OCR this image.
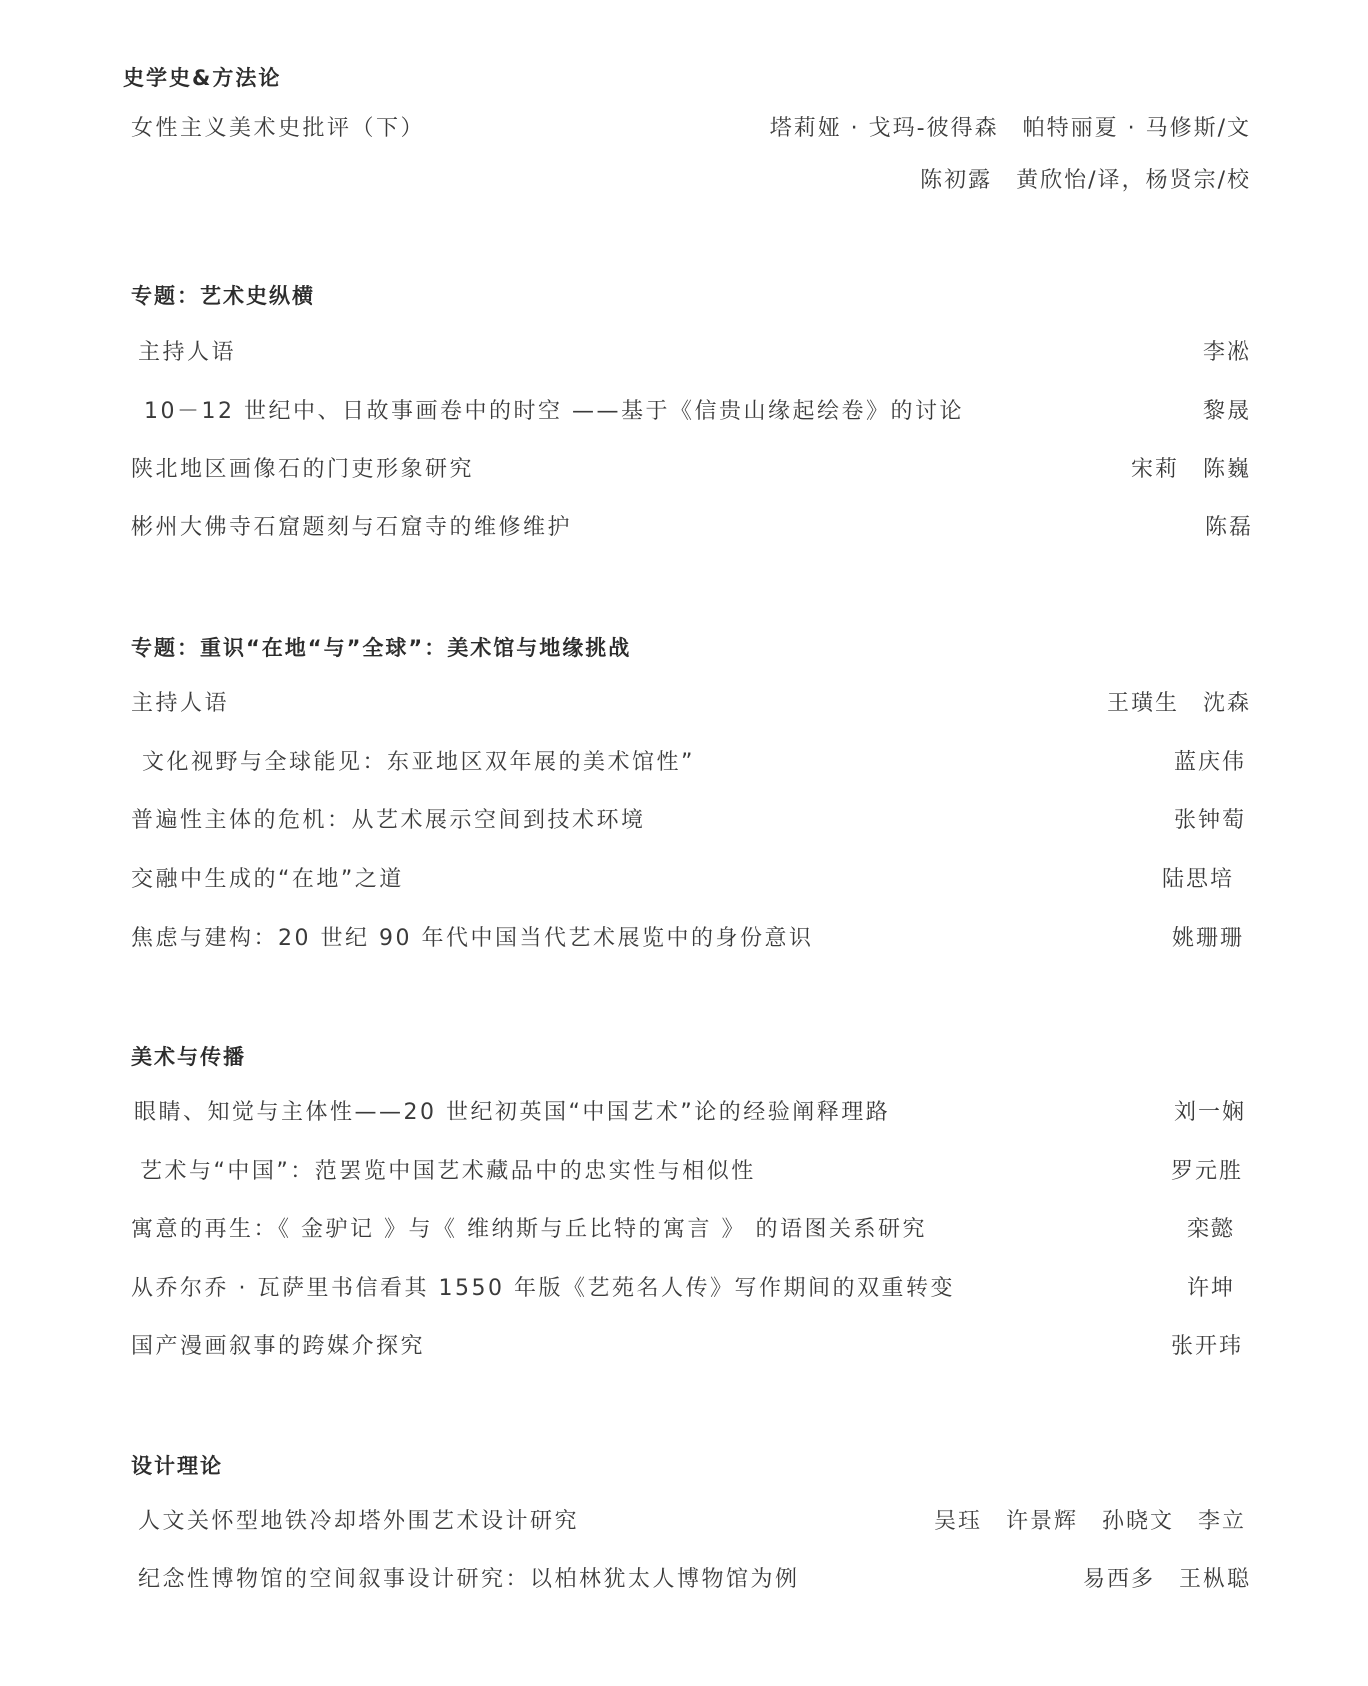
史学史&方法论
女性主义美术史批评（下）	塔莉娅 · 戈玛-彼得森　帕特丽夏 · 马修斯/文
陈初露　黄欣怡/译，杨贤宗/校
专题：艺术史纵横
主持人语	李凇
10－12 世纪中、日故事画卷中的时空 ——基于《信贵山缘起绘卷》的讨论	黎晟
陕北地区画像石的门吏形象研究	宋莉　陈巍
彬州大佛寺石窟题刻与石窟寺的维修维护	陈磊
专题：重识“在地“与”全球”：美术馆与地缘挑战
主持人语	王璜生　沈森
文化视野与全球能见：东亚地区双年展的美术馆性”	蓝庆伟
普遍性主体的危机：从艺术展示空间到技术环境	张钟萄
交融中生成的“在地”之道	陆思培
焦虑与建构：20 世纪 90 年代中国当代艺术展览中的身份意识	姚珊珊
美术与传播
眼睛、知觉与主体性——20 世纪初英国“中国艺术”论的经验阐释理路	刘一娴
艺术与“中国”：范罢览中国艺术藏品中的忠实性与相似性	罗元胜
寓意的再生：《 金驴记 》与《 维纳斯与丘比特的寓言 》 的语图关系研究	栾懿
从乔尔乔 · 瓦萨里书信看其 1550 年版《艺苑名人传》写作期间的双重转变	许坤
国产漫画叙事的跨媒介探究	张开玮
设计理论
人文关怀型地铁冷却塔外围艺术设计研究	吴珏　许景辉　孙晓文　李立
纪念性博物馆的空间叙事设计研究：以柏林犹太人博物馆为例	易西多　王枞聪
